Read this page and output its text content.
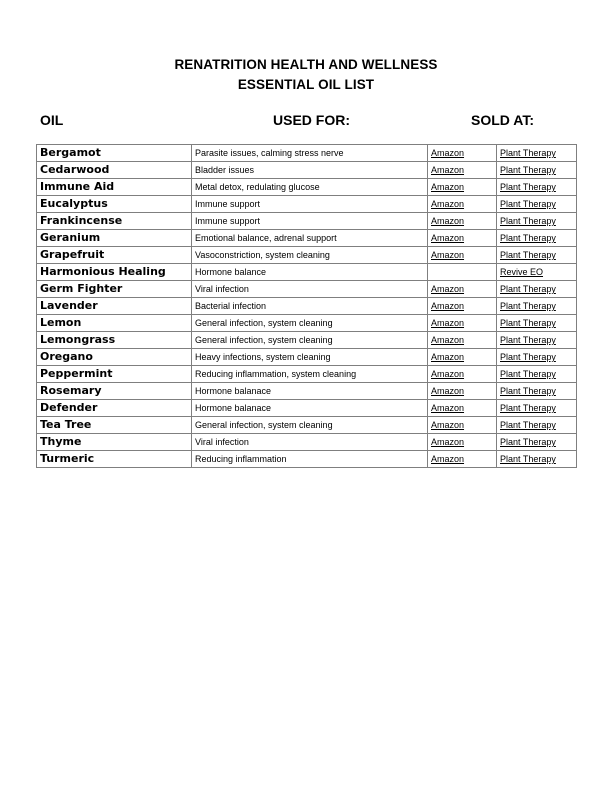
RENATRITION HEALTH AND WELLNESS
ESSENTIAL OIL LIST
OIL	USED FOR:	SOLD AT:
Bergamot	Parasite issues, calming stress nerve	Amazon	Plant Therapy
Cedarwood	Bladder issues	Amazon	Plant Therapy
Immune Aid	Metal detox, redulating glucose	Amazon	Plant Therapy
Eucalyptus	Immune support	Amazon	Plant Therapy
Frankincense	Immune support	Amazon	Plant Therapy
Geranium	Emotional balance, adrenal support	Amazon	Plant Therapy
Grapefruit	Vasoconstriction, system cleaning	Amazon	Plant Therapy
Harmonious Healing	Hormone balance		Revive EO
Germ Fighter	Viral infection	Amazon	Plant Therapy
Lavender	Bacterial infection	Amazon	Plant Therapy
Lemon	General infection, system cleaning	Amazon	Plant Therapy
Lemongrass	General infection, system cleaning	Amazon	Plant Therapy
Oregano	Heavy infections, system cleaning	Amazon	Plant Therapy
Peppermint	Reducing inflammation, system cleaning	Amazon	Plant Therapy
Rosemary	Hormone balanace	Amazon	Plant Therapy
Defender	Hormone balanace	Amazon	Plant Therapy
Tea Tree	General infection, system cleaning	Amazon	Plant Therapy
Thyme	Viral infection	Amazon	Plant Therapy
Turmeric	Reducing inflammation	Amazon	Plant Therapy
